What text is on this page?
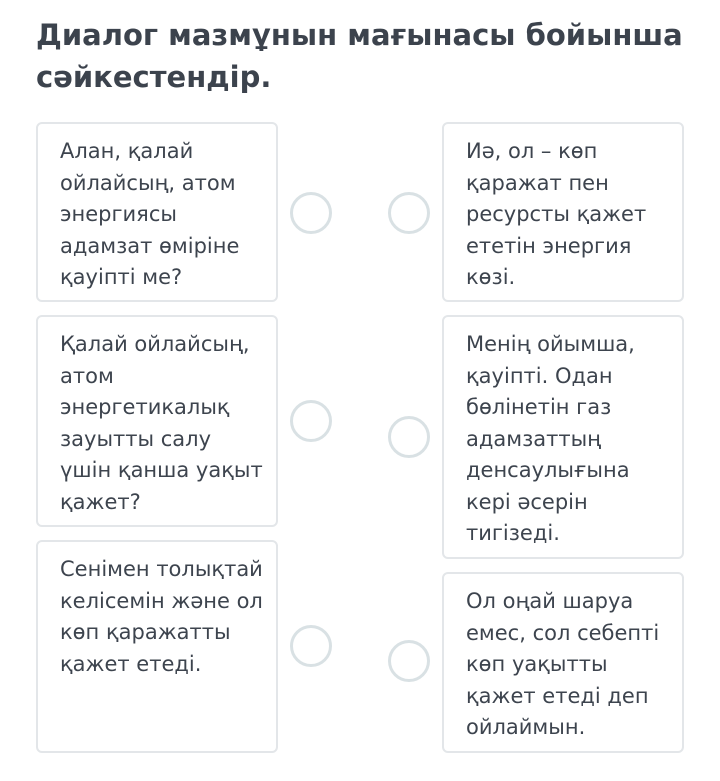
Диалог мазмұнын мағынасы бойынша сәйкестендір.
Алан, қалай ойлайсың, атом энергиясы адамзат өміріне қауіпті ме?
Қалай ойлайсың, атом энергетикалық зауытты салу үшін қанша уақыт қажет?
Сенімен толықтай келісемін және ол көп қаражатты қажет етеді.
Иә, ол – көп қаражат пен ресурсты қажет ететін энергия көзі.
Менің ойымша, қауіпті. Одан бөлінетін газ адамзаттың денсаулығына кері әсерін тигізеді.
Ол оңай шаруа емес, сол себепті көп уақытты қажет етеді деп ойлаймын.
